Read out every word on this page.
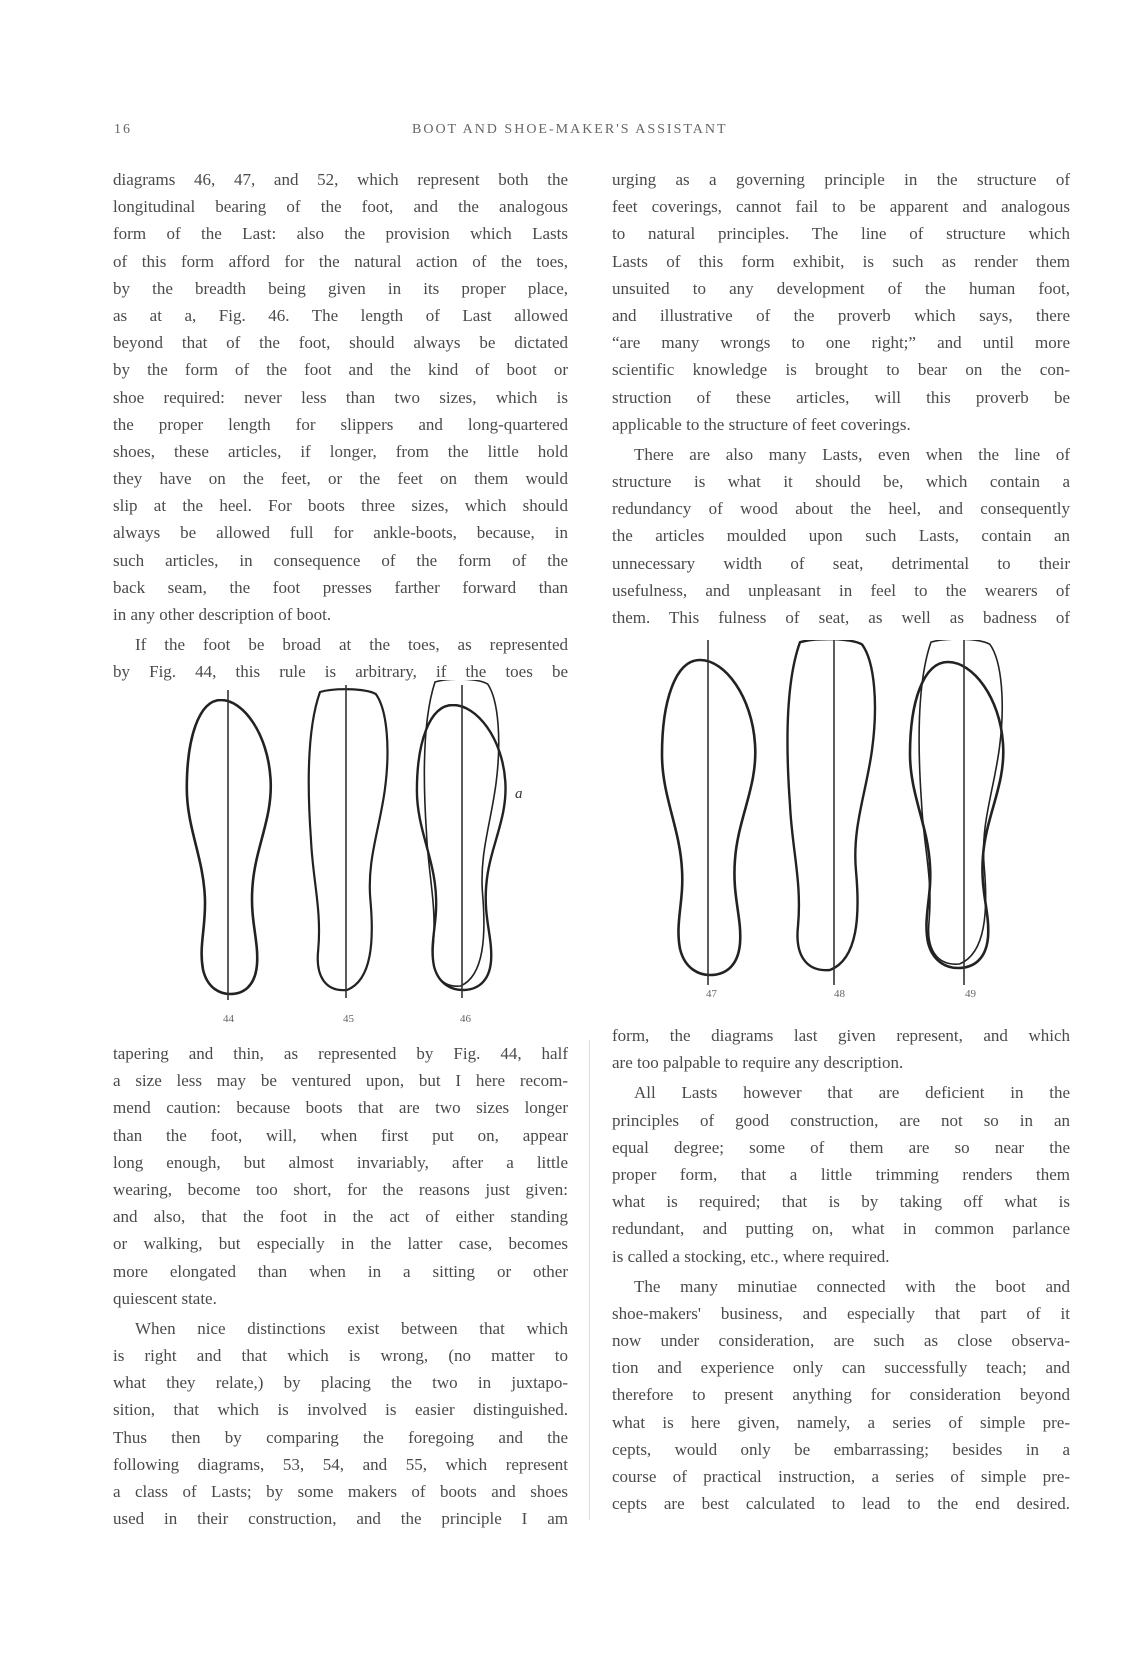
16	BOOT AND SHOE-MAKER'S ASSISTANT
diagrams 46, 47, and 52, which represent both the
longitudinal bearing of the foot, and the analogous
form of the Last: also the provision which Lasts
of this form afford for the natural action of the toes,
by the breadth being given in its proper place,
as at a, Fig. 46. The length of Last allowed
beyond that of the foot, should always be dictated
by the form of the foot and the kind of boot or
shoe required: never less than two sizes, which is
the proper length for slippers and long-quartered
shoes, these articles, if longer, from the little hold
they have on the feet, or the feet on them would
slip at the heel. For boots three sizes, which should
always be allowed full for ankle-boots, because, in
such articles, in consequence of the form of the
back seam, the foot presses farther forward than
in any other description of boot.
If the foot be broad at the toes, as represented
by Fig. 44, this rule is arbitrary, if the toes be
44	45	46
a
tapering and thin, as represented by Fig. 44, half
a size less may be ventured upon, but I here recom-
mend caution: because boots that are two sizes longer
than the foot, will, when first put on, appear
long enough, but almost invariably, after a little
wearing, become too short, for the reasons just given:
and also, that the foot in the act of either standing
or walking, but especially in the latter case, becomes
more elongated than when in a sitting or other
quiescent state.
When nice distinctions exist between that which
is right and that which is wrong, (no matter to
what they relate,) by placing the two in juxtapo-
sition, that which is involved is easier distinguished.
Thus then by comparing the foregoing and the
following diagrams, 53, 54, and 55, which represent
a class of Lasts; by some makers of boots and shoes
used in their construction, and the principle I am
urging as a governing principle in the structure of
feet coverings, cannot fail to be apparent and analogous
to natural principles. The line of structure which
Lasts of this form exhibit, is such as render them
unsuited to any development of the human foot,
and illustrative of the proverb which says, there
“are many wrongs to one right;” and until more
scientific knowledge is brought to bear on the con-
struction of these articles, will this proverb be
applicable to the structure of feet coverings.
There are also many Lasts, even when the line of
structure is what it should be, which contain a
redundancy of wood about the heel, and consequently
the articles moulded upon such Lasts, contain an
unnecessary width of seat, detrimental to their
usefulness, and unpleasant in feel to the wearers of
them. This fulness of seat, as well as badness of
47	48	49
form, the diagrams last given represent, and which
are too palpable to require any description.
All Lasts however that are deficient in the
principles of good construction, are not so in an
equal degree; some of them are so near the
proper form, that a little trimming renders them
what is required; that is by taking off what is
redundant, and putting on, what in common parlance
is called a stocking, etc., where required.
The many minutiae connected with the boot and
shoe-makers' business, and especially that part of it
now under consideration, are such as close observa-
tion and experience only can successfully teach; and
therefore to present anything for consideration beyond
what is here given, namely, a series of simple pre-
cepts, would only be embarrassing; besides in a
course of practical instruction, a series of simple pre-
cepts are best calculated to lead to the end desired.
